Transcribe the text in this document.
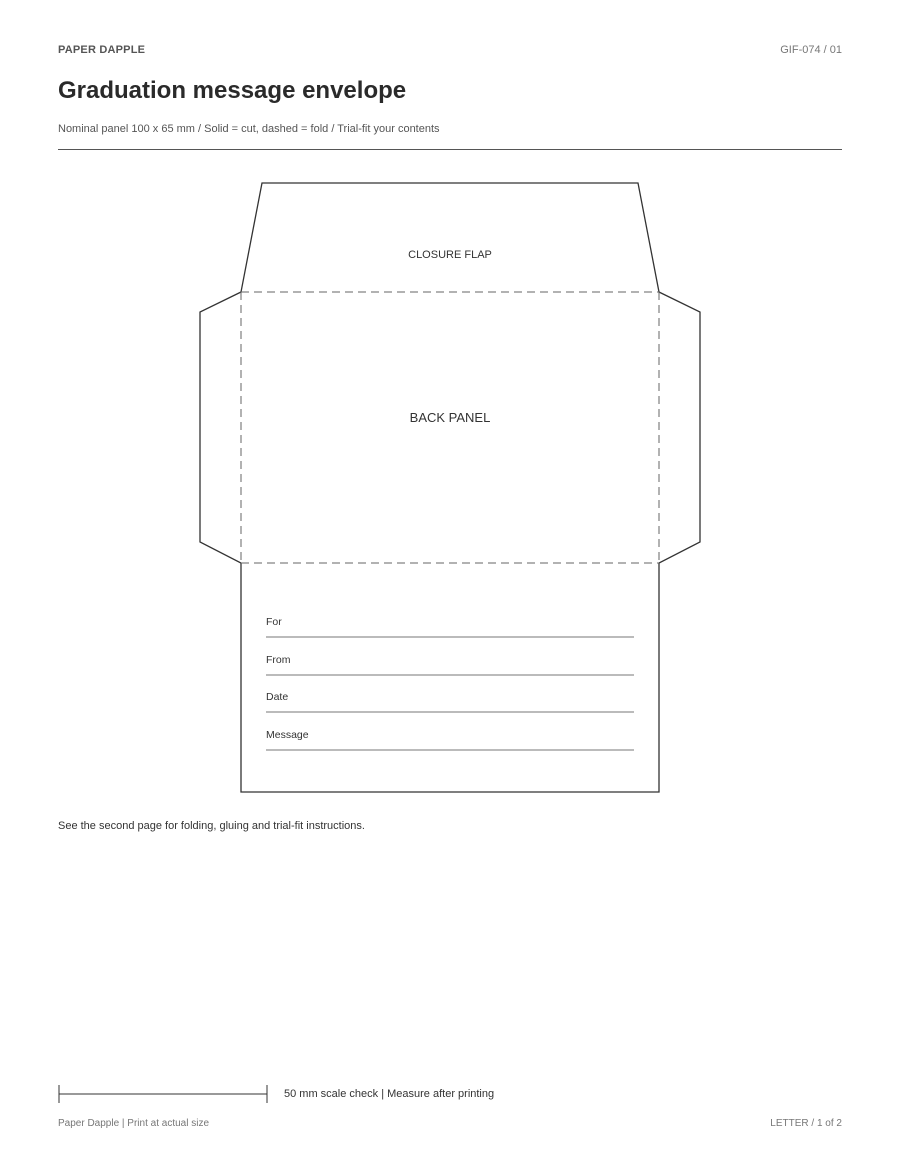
PAPER DAPPLE	GIF-074 / 01
Graduation message envelope
Nominal panel 100 x 65 mm / Solid = cut, dashed = fold / Trial-fit your contents
CLOSURE FLAP
BACK PANEL
For
From
Date
Message
See the second page for folding, gluing and trial-fit instructions.
50 mm scale check | Measure after printing
Paper Dapple | Print at actual size	LETTER / 1 of 2
